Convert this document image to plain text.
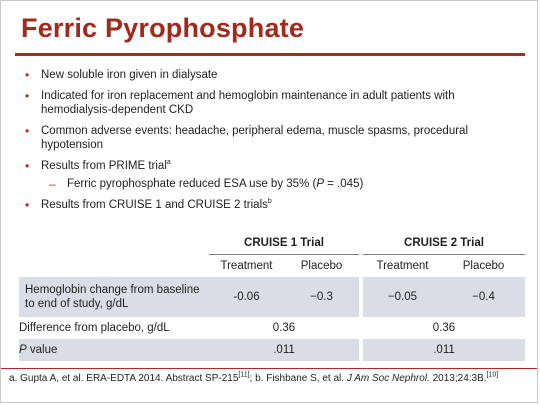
Ferric Pyrophosphate
• New soluble iron given in dialysate
• Indicated for iron replacement and hemoglobin maintenance in adult patients with hemodialysis-dependent CKD
• Common adverse events: headache, peripheral edema, muscle spasms, procedural hypotension
• Results from PRIME trial$^a$
– Ferric pyrophosphate reduced ESA use by 35% (P = .045)
• Results from CRUISE 1 and CRUISE 2 trials$^b$
	CRUISE 1 Trial			CRUISE 2 Trial	
	Treatment	Placebo		Treatment	Placebo
Hemoglobin change from baseline to end of study, g/dL	-0.06	−0.3		−0.05	−0.4
Difference from placebo, g/dL	0.36			0.36	
P value	.011			.011	
a. Gupta A, et al. ERA-EDTA 2014. Abstract SP-215[11]; b. Fishbane S, et al. J Am Soc Nephrol. 2013;24:3B.[10]
